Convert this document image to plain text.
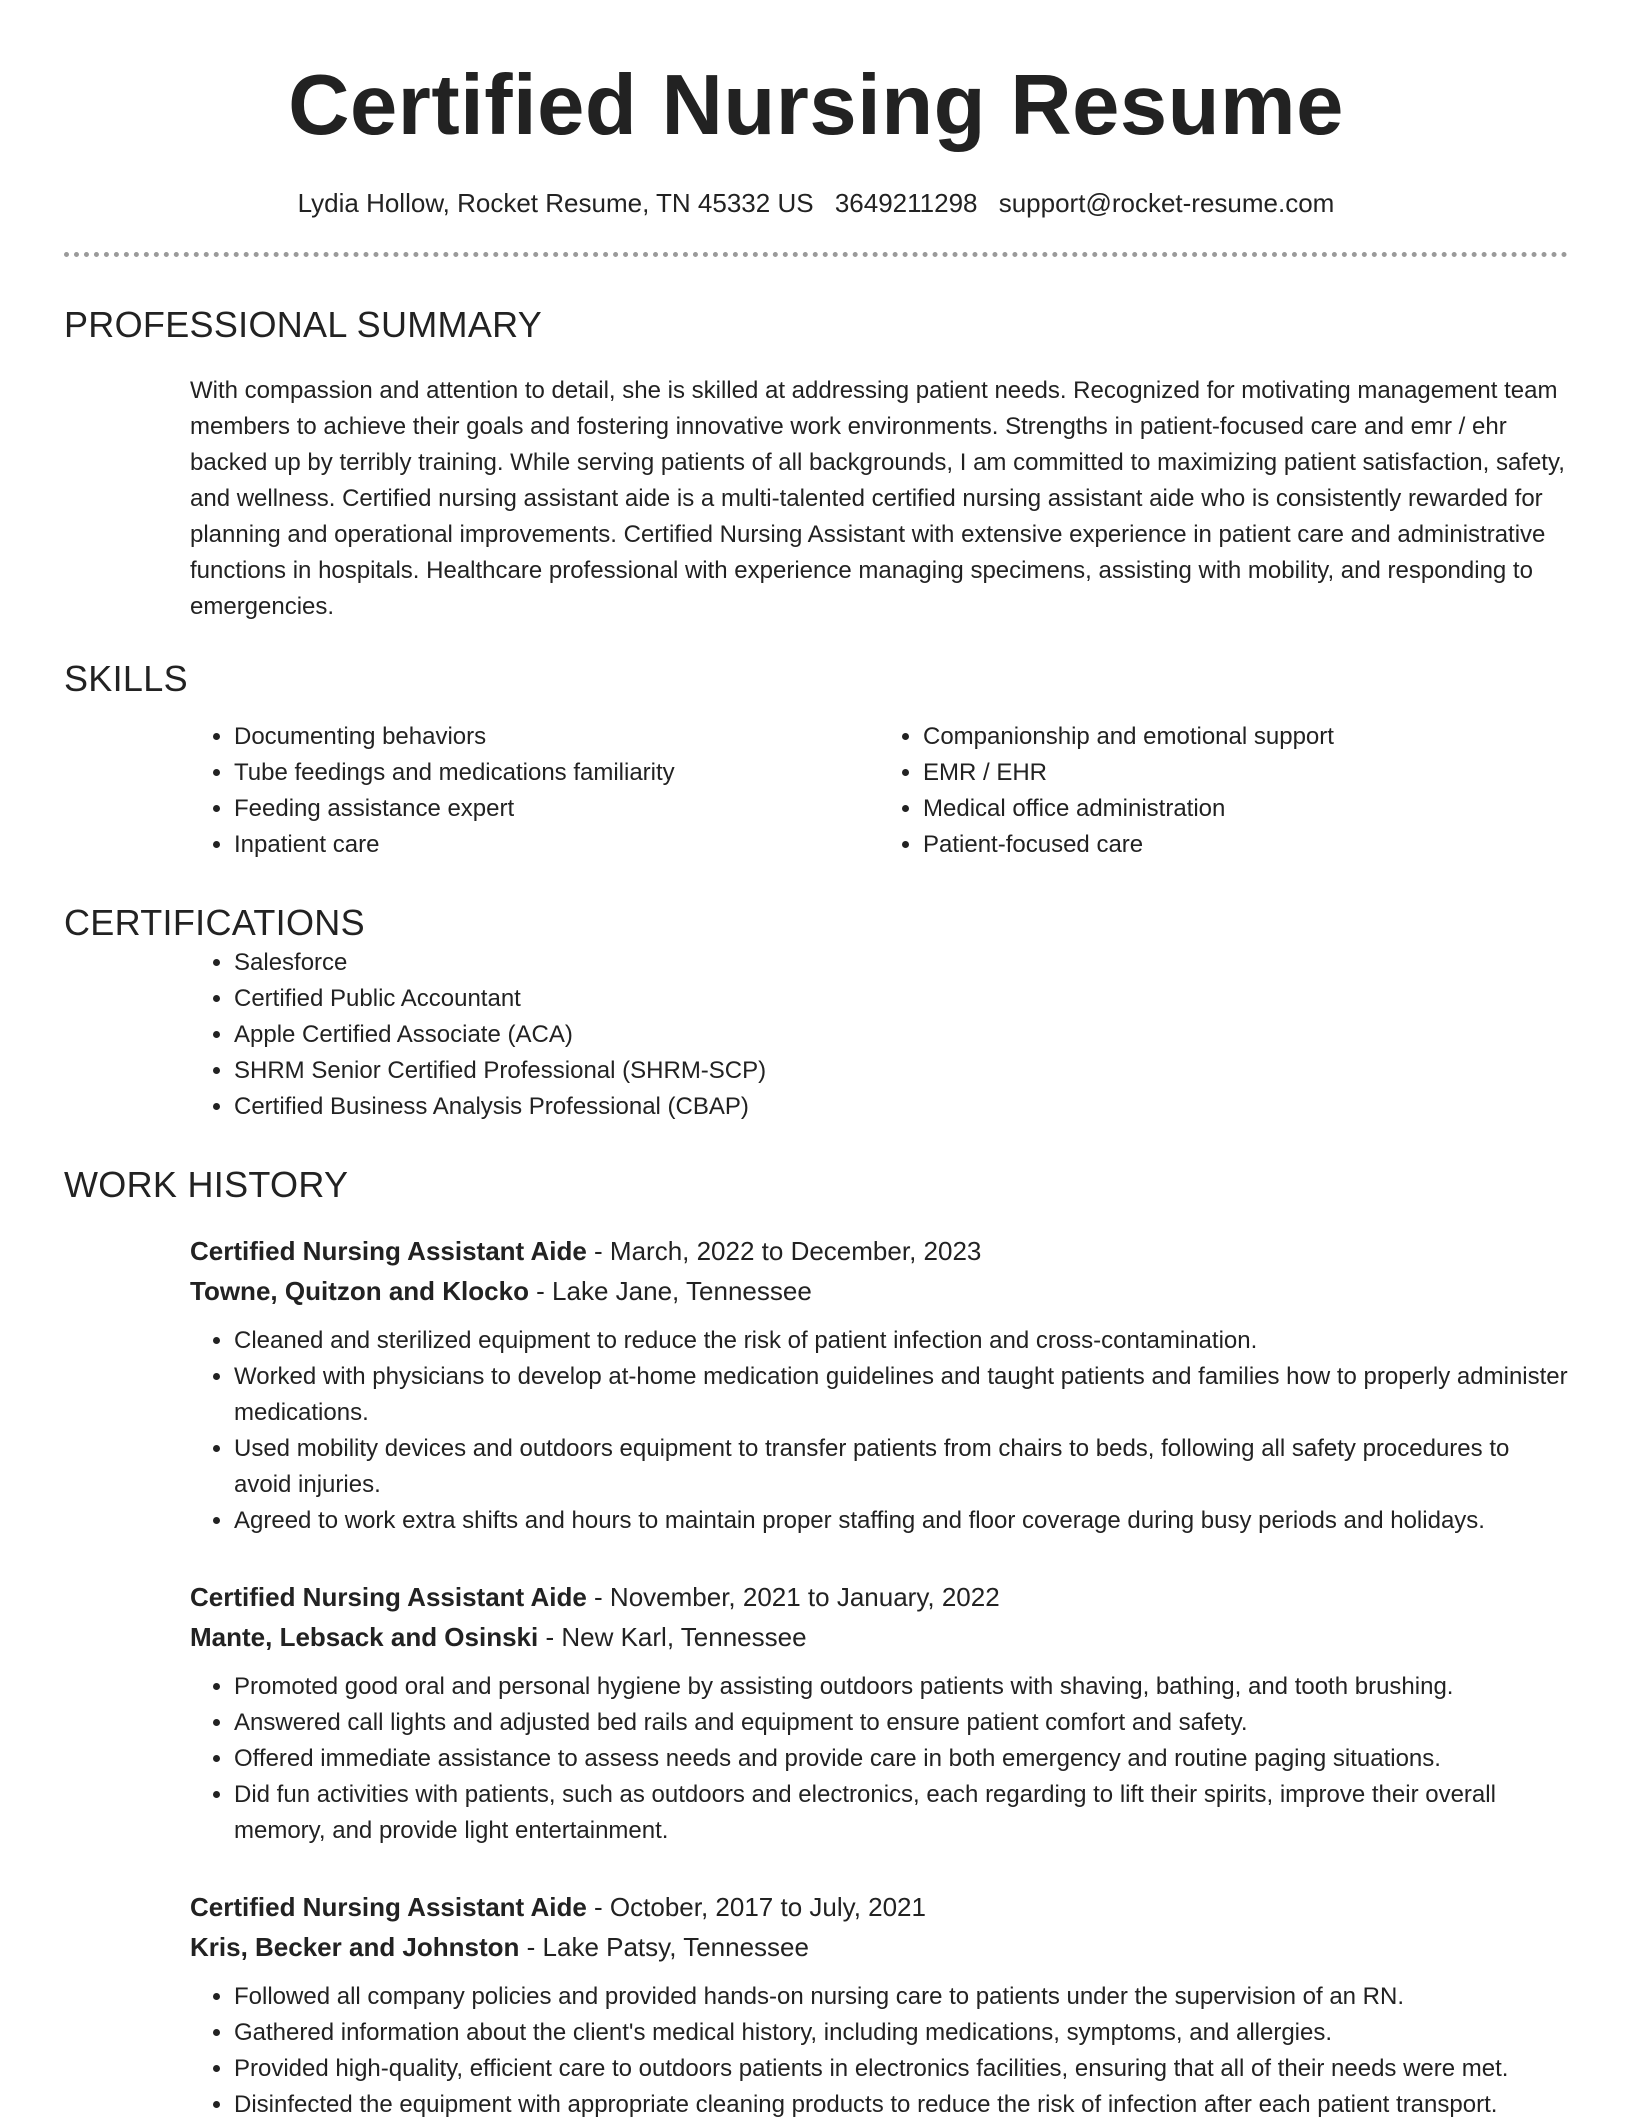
Certified Nursing Resume
Lydia Hollow, Rocket Resume, TN 45332 US 3649211298 support@rocket-resume.com
PROFESSIONAL SUMMARY

With compassion and attention to detail, she is skilled at addressing patient needs. Recognized for motivating management team members to achieve their goals and fostering innovative work environments. Strengths in patient-focused care and emr / ehr backed up by terribly training. While serving patients of all backgrounds, I am committed to maximizing patient satisfaction, safety, and wellness. Certified nursing assistant aide is a multi-talented certified nursing assistant aide who is consistently rewarded for planning and operational improvements. Certified Nursing Assistant with extensive experience in patient care and administrative functions in hospitals. Healthcare professional with experience managing specimens, assisting with mobility, and responding to emergencies.

SKILLS
• Documenting behaviors
• Tube feedings and medications familiarity
• Feeding assistance expert
• Inpatient care
• Companionship and emotional support
• EMR / EHR
• Medical office administration
• Patient-focused care
CERTIFICATIONS
• Salesforce
• Certified Public Accountant
• Apple Certified Associate (ACA)
• SHRM Senior Certified Professional (SHRM-SCP)
• Certified Business Analysis Professional (CBAP)
WORK HISTORY
Certified Nursing Assistant Aide - March, 2022 to December, 2023
Towne, Quitzon and Klocko - Lake Jane, Tennessee
• Cleaned and sterilized equipment to reduce the risk of patient infection and cross-contamination.
• Worked with physicians to develop at-home medication guidelines and taught patients and families how to properly administer medications.
• Used mobility devices and outdoors equipment to transfer patients from chairs to beds, following all safety procedures to avoid injuries.
• Agreed to work extra shifts and hours to maintain proper staffing and floor coverage during busy periods and holidays.
Certified Nursing Assistant Aide - November, 2021 to January, 2022
Mante, Lebsack and Osinski - New Karl, Tennessee
• Promoted good oral and personal hygiene by assisting outdoors patients with shaving, bathing, and tooth brushing.
• Answered call lights and adjusted bed rails and equipment to ensure patient comfort and safety.
• Offered immediate assistance to assess needs and provide care in both emergency and routine paging situations.
• Did fun activities with patients, such as outdoors and electronics, each regarding to lift their spirits, improve their overall memory, and provide light entertainment.
Certified Nursing Assistant Aide - October, 2017 to July, 2021
Kris, Becker and Johnston - Lake Patsy, Tennessee
• Followed all company policies and provided hands-on nursing care to patients under the supervision of an RN.
• Gathered information about the client's medical history, including medications, symptoms, and allergies.
• Provided high-quality, efficient care to outdoors patients in electronics facilities, ensuring that all of their needs were met.
• Disinfected the equipment with appropriate cleaning products to reduce the risk of infection after each patient transport.
